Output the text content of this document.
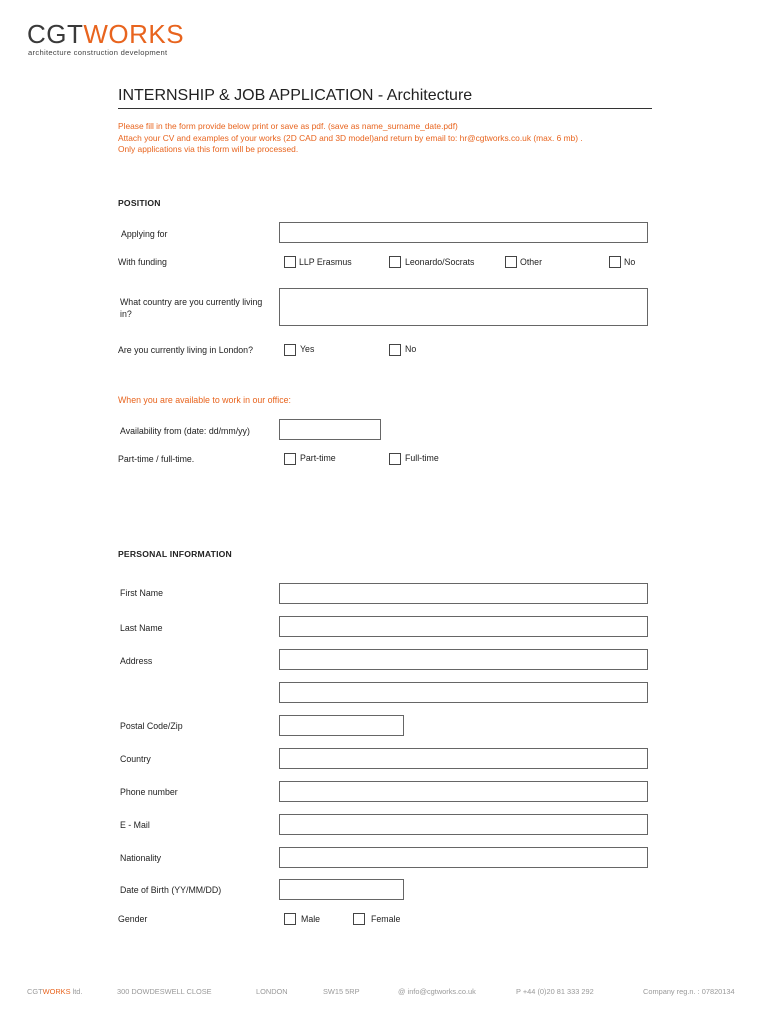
CGTWORKS
architecture construction development
INTERNSHIP & JOB APPLICATION - Architecture
Please fill in the form provide below print or save as pdf. (save as name_surname_date.pdf)
Attach your CV and examples of your works (2D CAD and 3D model)and return by email to: hr@cgtworks.co.uk (max. 6 mb) .
Only applications via this form will be processed.
POSITION
Applying for
With funding	LLP Erasmus	Leonardo/Socrats	Other	No
What country are you currently living in?
Are you currently living in London?	Yes	No
When you are available to work in our office:
Availability from (date: dd/mm/yy)
Part-time / full-time.	Part-time	Full-time
PERSONAL INFORMATION
First Name
Last Name
Address
Postal Code/Zip
Country
Phone number
E - Mail
Nationality
Date of Birth (YY/MM/DD)
Gender	Male	Female
CGTWORKS ltd.	300 DOWDESWELL CLOSE	LONDON	SW15 5RP	@ info@cgtworks.co.uk	P +44 (0)20 81 333 292	Company reg.n. : 07820134
